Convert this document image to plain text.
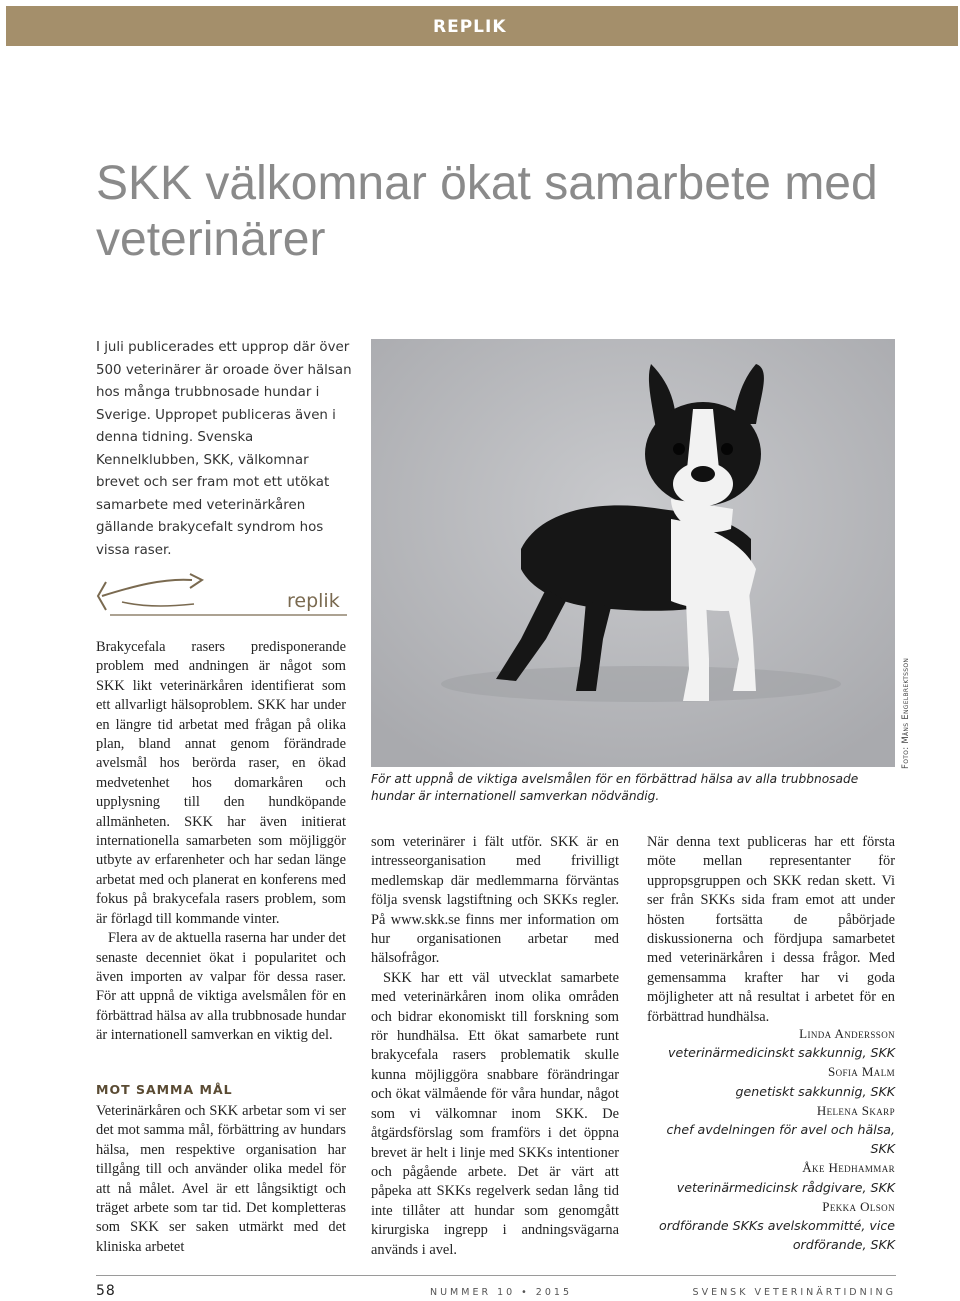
REPLIK
SKK välkomnar ökat samarbete med veterinärer

I juli publicerades ett upprop där över 500 veterinärer är oroade över hälsan hos många trubbnosade hundar i Sverige. Uppropet publiceras även i denna tidning. Svenska Kennelklubben, SKK, välkomnar brevet och ser fram mot ett utökat samarbete med veterinärkåren gällande brakycefalt syndrom hos vissa raser.

replik

Brakycefala rasers predisponerande problem med andningen är något som SKK likt veterinärkåren identifierat som ett allvarligt hälsoproblem. SKK har under en längre tid arbetat med frågan på olika plan, bland annat genom förändrade avelsmål hos berörda raser, en ökad medvetenhet hos domarkåren och upplysning till den hundköpande allmänheten. SKK har även initierat internationella samarbeten som möjliggör utbyte av erfarenheter och har sedan länge arbetat med och planerat en konferens med fokus på brakycefala rasers problem, som är förlagd till kommande vinter.

Flera av de aktuella raserna har under det senaste decenniet ökat i popularitet och även importen av valpar för dessa raser. För att uppnå de viktiga avelsmålen för en förbättrad hälsa av alla trubbnosade hundar är internationell samverkan en viktig del.

MOT SAMMA MÅL

Veterinärkåren och SKK arbetar som vi ser det mot samma mål, förbättring av hundars hälsa, men respektive organisation har tillgång till och använder olika medel för att nå målet. Avel är ett långsiktigt och träget arbete som tar tid. Det kompletteras som SKK ser saken utmärkt med det kliniska arbetet

För att uppnå de viktiga avelsmålen för en förbättrad hälsa av alla trubbnosade hundar är internationell samverkan nödvändig.
Foto: Måns Engelbrektsson

som veterinärer i fält utför. SKK är en intresseorganisation med frivilligt medlemskap där medlemmarna förväntas följa svensk lagstiftning och SKKs regler. På www.skk.se finns mer information om hur organisationen arbetar med hälsofrågor.

SKK har ett väl utvecklat samarbete med veterinärkåren inom olika områden och bidrar ekonomiskt till forskning som rör hundhälsa. Ett ökat samarbete runt brakycefala rasers problematik skulle kunna möjliggöra snabbare förändringar och ökat välmående för våra hundar, något som vi välkomnar inom SKK. De åtgärdsförslag som framförs i det öppna brevet är helt i linje med SKKs intentioner och pågående arbete. Det är värt att påpeka att SKKs regelverk sedan lång tid inte tillåter att hundar som genomgått kirurgiska ingrepp i andningsvägarna används i avel.

När denna text publiceras har ett första möte mellan representanter för uppropsgruppen och SKK redan skett. Vi ser från SKKs sida fram emot att under hösten fortsätta de påbörjade diskussionerna och fördjupa samarbetet med veterinärkåren i dessa frågor. Med gemensamma krafter har vi goda möjligheter att nå resultat i arbetet för en förbättrad hundhälsa.

Linda Andersson
veterinärmedicinskt sakkunnig, SKK
Sofia Malm
genetiskt sakkunnig, SKK
Helena Skarp
chef avdelningen för avel och hälsa, SKK
Åke Hedhammar
veterinärmedicinsk rådgivare, SKK
Pekka Olson
ordförande SKKs avelskommitté, vice ordförande, SKK
58	NUMMER 10 • 2015	SVENSK VETERINÄRTIDNING
